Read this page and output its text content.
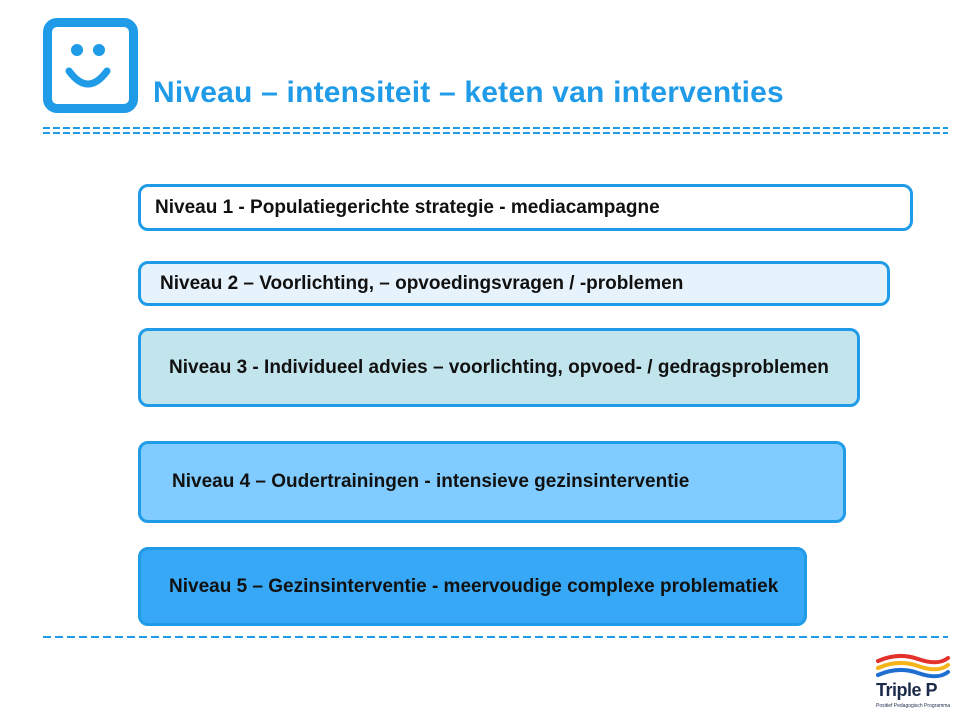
Niveau – intensiteit – keten van interventies
Niveau 1 - Populatiegerichte strategie - mediacampagne
Niveau 2 – Voorlichting, – opvoedingsvragen / -problemen
Niveau 3 - Individueel advies – voorlichting, opvoed- / gedragsproblemen
Niveau 4 – Oudertrainingen - intensieve gezinsinterventie
Niveau 5 – Gezinsinterventie - meervoudige complexe problematiek
Triple P
Positief Pedagogisch Programma
